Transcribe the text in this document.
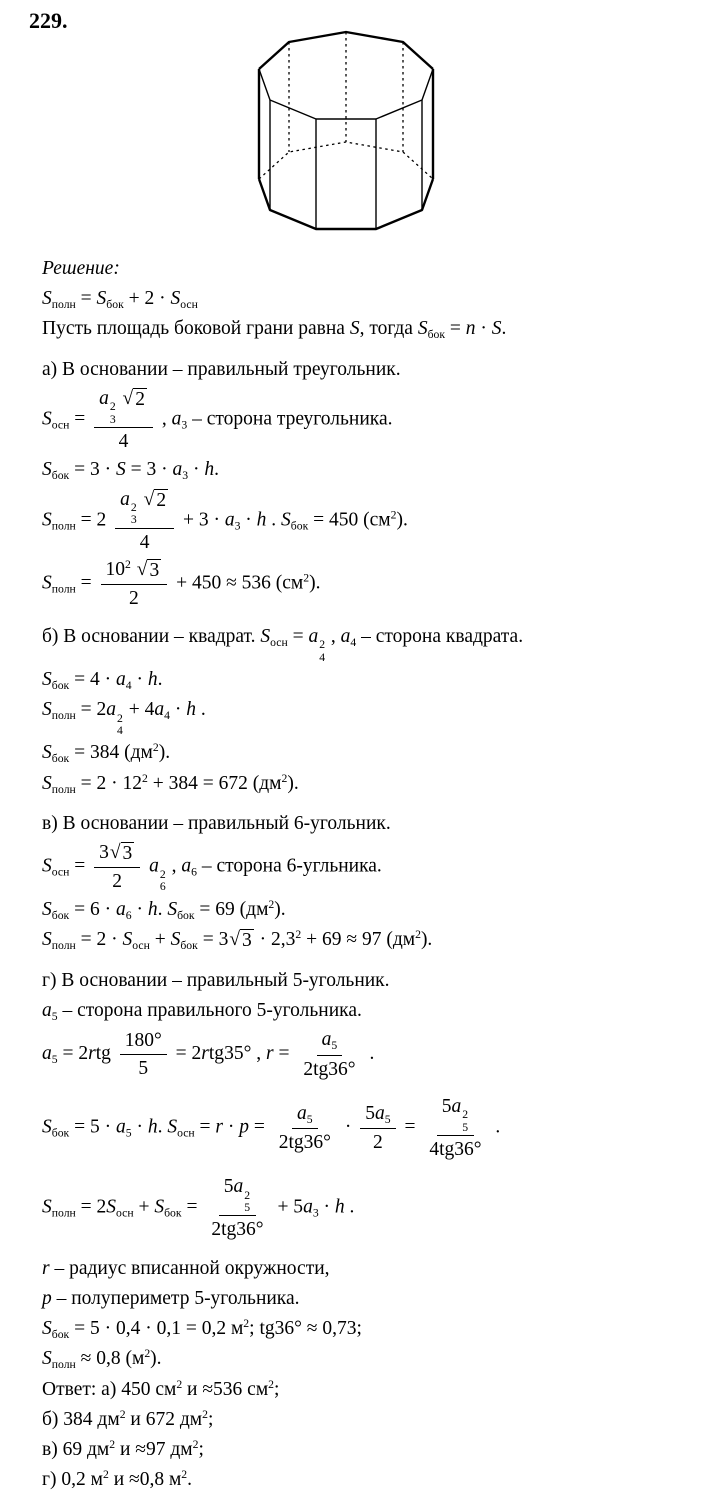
229.
Решение:
$S_{полн} = S_{бок} + 2 \cdot S_{осн}$
Пусть площадь боковой грани равна S, тогда $S_{бок} = n \cdot S$.
а) В основании – правильный треугольник.
$S_{осн} = a$ 2
3

√ 2
4 , $a_3$ – сторона треугольника.
$S_{бок} = 3 \cdot S = 3 \cdot a_3 \cdot h$.
$S_{полн} = 2$ a 2
3

√ 2
$4 + 3 \cdot a_3 \cdot h$ . $S_{бок} = 450$ $(см^2)$.
$S_{полн} = \frac{10^2 √ 3}{2} + 450 \approx 536$ $(см^2)$.
б) В основании – квадрат. $S_{осн} = a$ 2
4
, $a_4$ – сторона квадрата.
$S_{бок} = 4 \cdot a_4 \cdot h$.
$S_{полн} = 2a$ 2
4
+ $4a_4 \cdot h$ .
$S_{бок} = 384$ $(дм^2)$.
$S_{полн} = 2 \cdot 12^2 + 384 = 672$ $(дм^2)$.
в) В основании – правильный 6-угольник.
$S_{осн} = \frac{3 √ 3}{2}$ a 2
6
, $a_6$ – сторона 6-угльника.
$S_{бок} = 6 \cdot a_6 \cdot h$. $S_{бок} = 69$ $(дм^2)$.
$S_{полн} = 2 \cdot S_{осн} + S_{бок} = 3$ √ $3 \cdot 2,3^2 + 69 \approx 97$ $(дм^2)$.
г) В основании – правильный 5-угольник.
$a_5$ – сторона правильного 5-угольника.
$a_5 = 2rtg \frac{180^\circ}{5} = 2rtg35^\circ$ , $r = \frac{a_5}{2tg36^\circ}$ .
$S_{бок} = 5 \cdot a_5 \cdot h$. $S_{осн} = r \cdot p = \frac{a_5}{2tg36^\circ} \cdot \frac{5a_5}{2} = 5a$ 2
5
4tg36° .
$S_{полн} = 2S_{осн} + S_{бок} = 5a$ 2
5
$2tg36^\circ + 5a_3 \cdot h$ .
r – радиус вписанной окружности,
p – полупериметр 5-угольника.
$S_{бок} = 5 \cdot 0,4 \cdot 0,1 = 0,2$ $м^2$; tg36° ≈ 0,73;
$S_{полн} \approx 0,8$ $(м^2)$.
Ответ: а) 450 $см^2$ и ≈536 $см^2$;
б) 384 $дм^2$ и 672 $дм^2$;
в) 69 $дм^2$ и ≈97 $дм^2$;
г) 0,2 $м^2$ и ≈0,8 $м^2$.
